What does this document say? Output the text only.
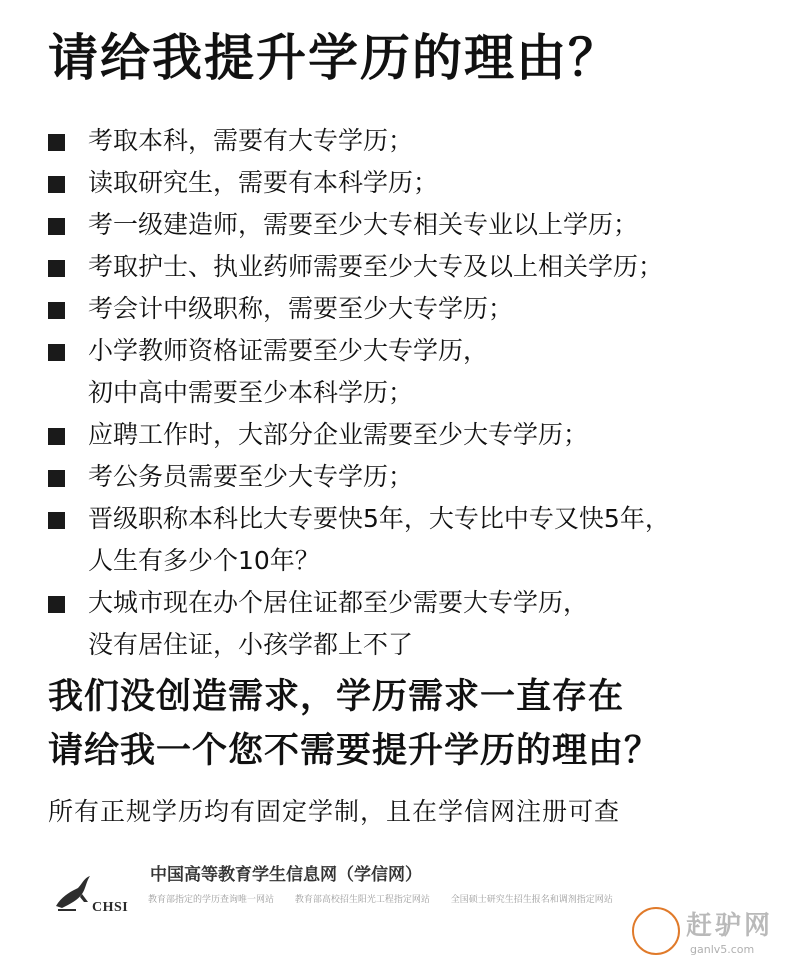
请给我提升学历的理由？
考取本科，需要有大专学历；
读取研究生，需要有本科学历；
考一级建造师，需要至少大专相关专业以上学历；
考取护士、执业药师需要至少大专及以上相关学历；
考会计中级职称，需要至少大专学历；
小学教师资格证需要至少大专学历，
初中高中需要至少本科学历；
应聘工作时，大部分企业需要至少大专学历；
考公务员需要至少大专学历；
晋级职称本科比大专要快5年，大专比中专又快5年，
人生有多少个10年？
大城市现在办个居住证都至少需要大专学历，
没有居住证，小孩学都上不了
我们没创造需求，学历需求一直存在
请给我一个您不需要提升学历的理由？
所有正规学历均有固定学制，且在学信网注册可查
CHSI
中国高等教育学生信息网（学信网）
教育部指定的学历查询唯一网站 教育部高校招生阳光工程指定网站 全国硕士研究生招生报名和调剂指定网站
赶驴网
ganlv5.com
